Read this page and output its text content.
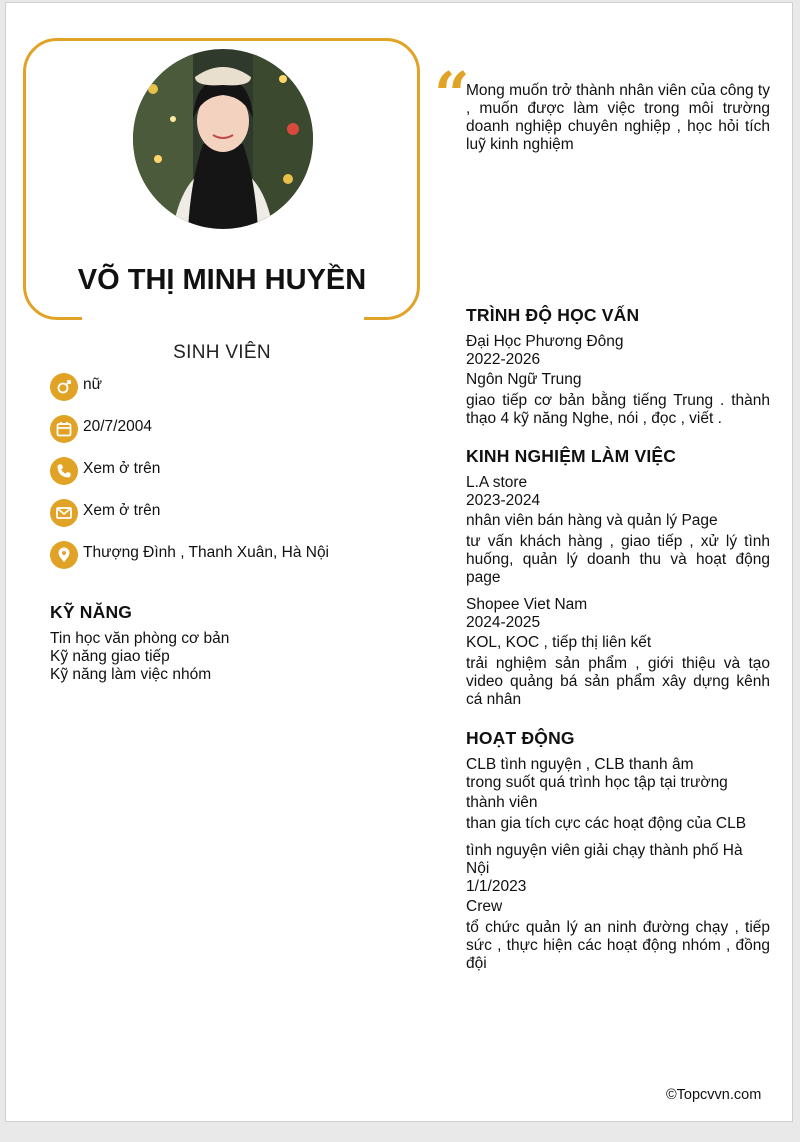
VÕ THỊ MINH HUYỀN
SINH VIÊN
nữ
20/7/2004
Xem ở trên
Xem ở trên
Thượng Đình , Thanh Xuân, Hà Nội
KỸ NĂNG
Tin học văn phòng cơ bản
Kỹ năng giao tiếp
Kỹ năng làm việc nhóm
“
Mong muốn trở thành nhân viên của công ty , muốn được làm việc trong môi trường doanh nghiệp chuyên nghiệp , học hỏi tích luỹ kinh nghiệm
TRÌNH ĐỘ HỌC VẤN
Đại Học Phương Đông
2022-2026
Ngôn Ngữ Trung
giao tiếp cơ bản bằng tiếng Trung . thành thạo 4 kỹ năng Nghe, nói , đọc , viết .
KINH NGHIỆM LÀM VIỆC
L.A store
2023-2024
nhân viên bán hàng và quản lý Page
tư vấn khách hàng , giao tiếp , xử lý tình huống, quản lý doanh thu và hoạt động page
Shopee Viet Nam
2024-2025
KOL, KOC , tiếp thị liên kết
trải nghiệm sản phẩm , giới thiệu và tạo video quảng bá sản phẩm xây dựng kênh cá nhân
HOẠT ĐỘNG
CLB tình nguyện , CLB thanh âm
trong suốt quá trình học tập tại trường
thành viên
than gia tích cực các hoạt động của CLB
tình nguyện viên giải chạy thành phố Hà Nội
1/1/2023
Crew
tổ chức quản lý an ninh đường chạy , tiếp sức , thực hiện các hoạt động nhóm , đồng đội
©Topcvvn.com
